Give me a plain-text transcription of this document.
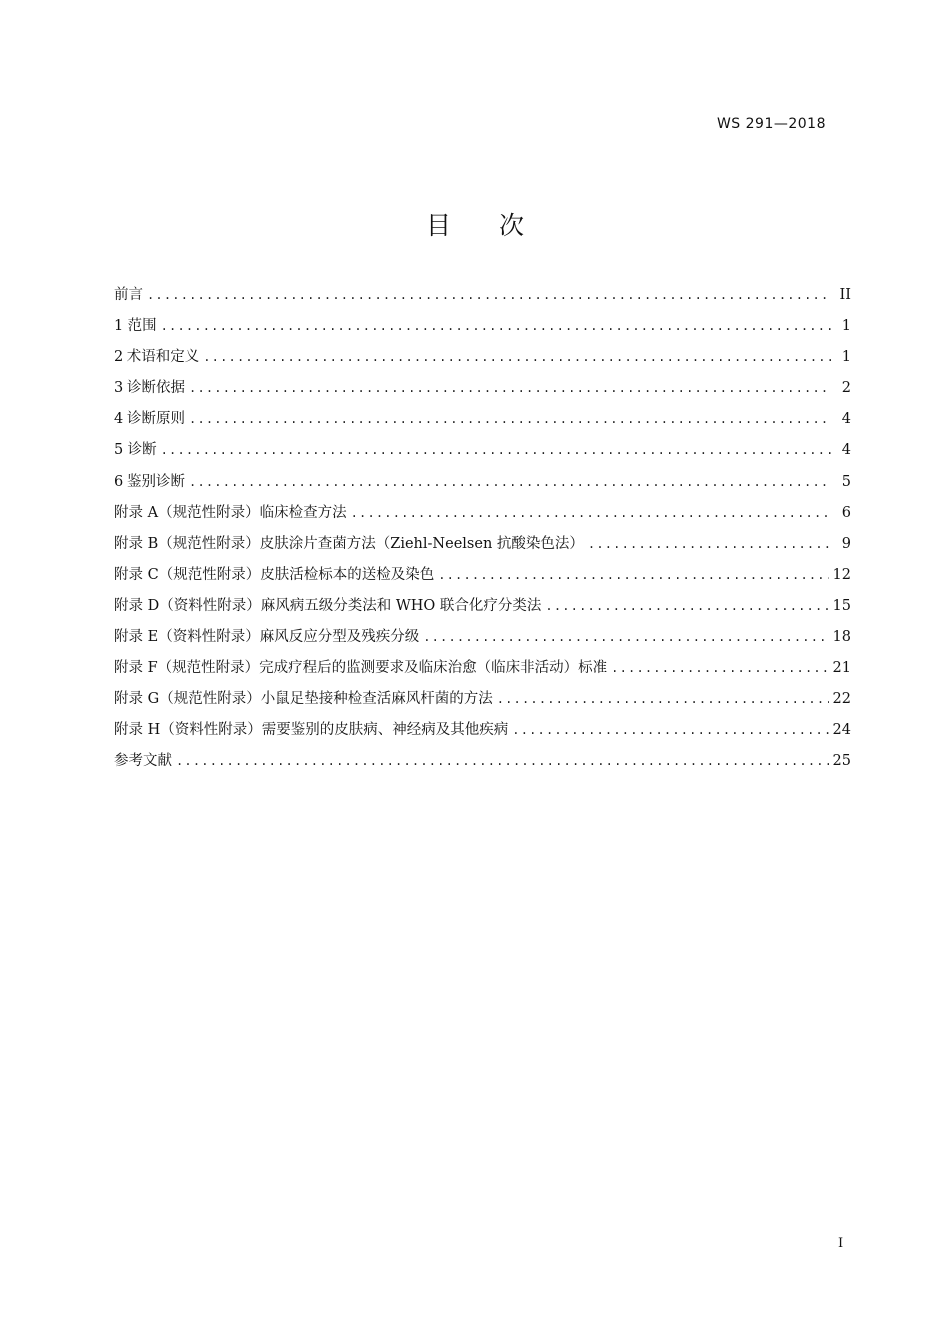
WS 291—2018
目 次
前言 .....	II
1 范围 .....	1
2 术语和定义 .....	1
3 诊断依据 .....	2
4 诊断原则 .....	4
5 诊断 .....	4
6 鉴别诊断 .....	5
附录 A（规范性附录） 临床检查方法 .....	6
附录 B（规范性附录） 皮肤涂片查菌方法（Ziehl-Neelsen 抗酸染色法） .....	9
附录 C（规范性附录） 皮肤活检标本的送检及染色 .....	12
附录 D（资料性附录） 麻风病五级分类法和 WHO 联合化疗分类法 .....	15
附录 E（资料性附录） 麻风反应分型及残疾分级 .....	18
附录 F（规范性附录） 完成疗程后的监测要求及临床治愈（临床非活动）标准 .....	21
附录 G（规范性附录） 小鼠足垫接种检查活麻风杆菌的方法 .....	22
附录 H（资料性附录） 需要鉴别的皮肤病、神经病及其他疾病 .....	24
参考文献 .....	25
I
